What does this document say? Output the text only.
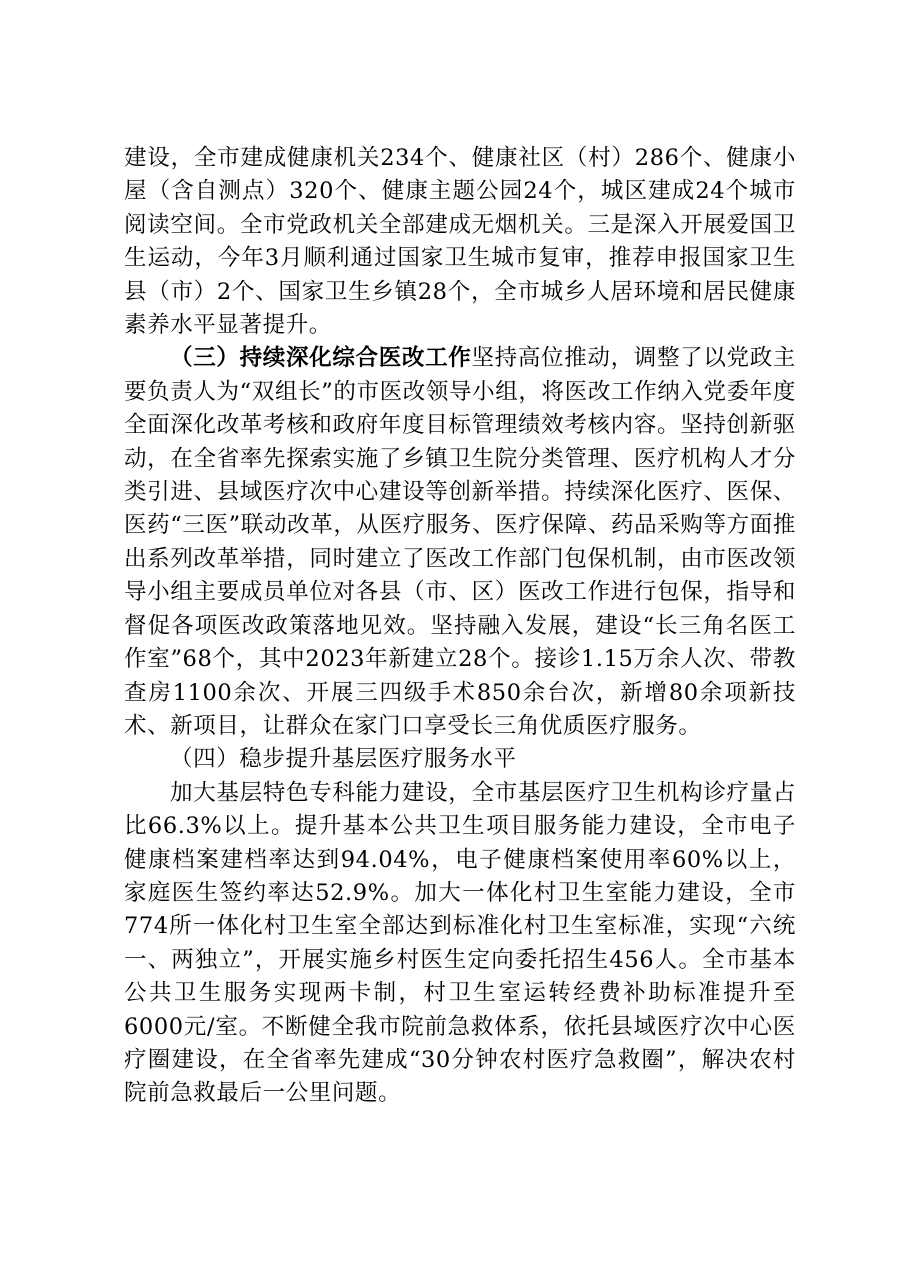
建设，全市建成健康机关234个、健康社区（村）286个、健康小屋（含自测点）320个、健康主题公园24个，城区建成24个城市阅读空间。全市党政机关全部建成无烟机关。三是深入开展爱国卫生运动，今年3月顺利通过国家卫生城市复审，推荐申报国家卫生县（市）2个、国家卫生乡镇28个，全市城乡人居环境和居民健康素养水平显著提升。

（三）持续深化综合医改工作坚持高位推动，调整了以党政主要负责人为“双组长”的市医改领导小组，将医改工作纳入党委年度全面深化改革考核和政府年度目标管理绩效考核内容。坚持创新驱动，在全省率先探索实施了乡镇卫生院分类管理、医疗机构人才分类引进、县域医疗次中心建设等创新举措。持续深化医疗、医保、医药“三医”联动改革，从医疗服务、医疗保障、药品采购等方面推出系列改革举措，同时建立了医改工作部门包保机制，由市医改领导小组主要成员单位对各县（市、区）医改工作进行包保，指导和督促各项医改政策落地见效。坚持融入发展，建设“长三角名医工作室”68个，其中2023年新建立28个。接诊1.15万余人次、带教查房1100余次、开展三四级手术850余台次，新增80余项新技术、新项目，让群众在家门口享受长三角优质医疗服务。

（四）稳步提升基层医疗服务水平

加大基层特色专科能力建设，全市基层医疗卫生机构诊疗量占比66.3%以上。提升基本公共卫生项目服务能力建设，全市电子健康档案建档率达到94.04%，电子健康档案使用率60%以上，家庭医生签约率达52.9%。加大一体化村卫生室能力建设，全市774所一体化村卫生室全部达到标准化村卫生室标准，实现“六统一、两独立”，开展实施乡村医生定向委托招生456人。全市基本公共卫生服务实现两卡制，村卫生室运转经费补助标准提升至6000元/室。不断健全我市院前急救体系，依托县域医疗次中心医疗圈建设，在全省率先建成“30分钟农村医疗急救圈”，解决农村院前急救最后一公里问题。
